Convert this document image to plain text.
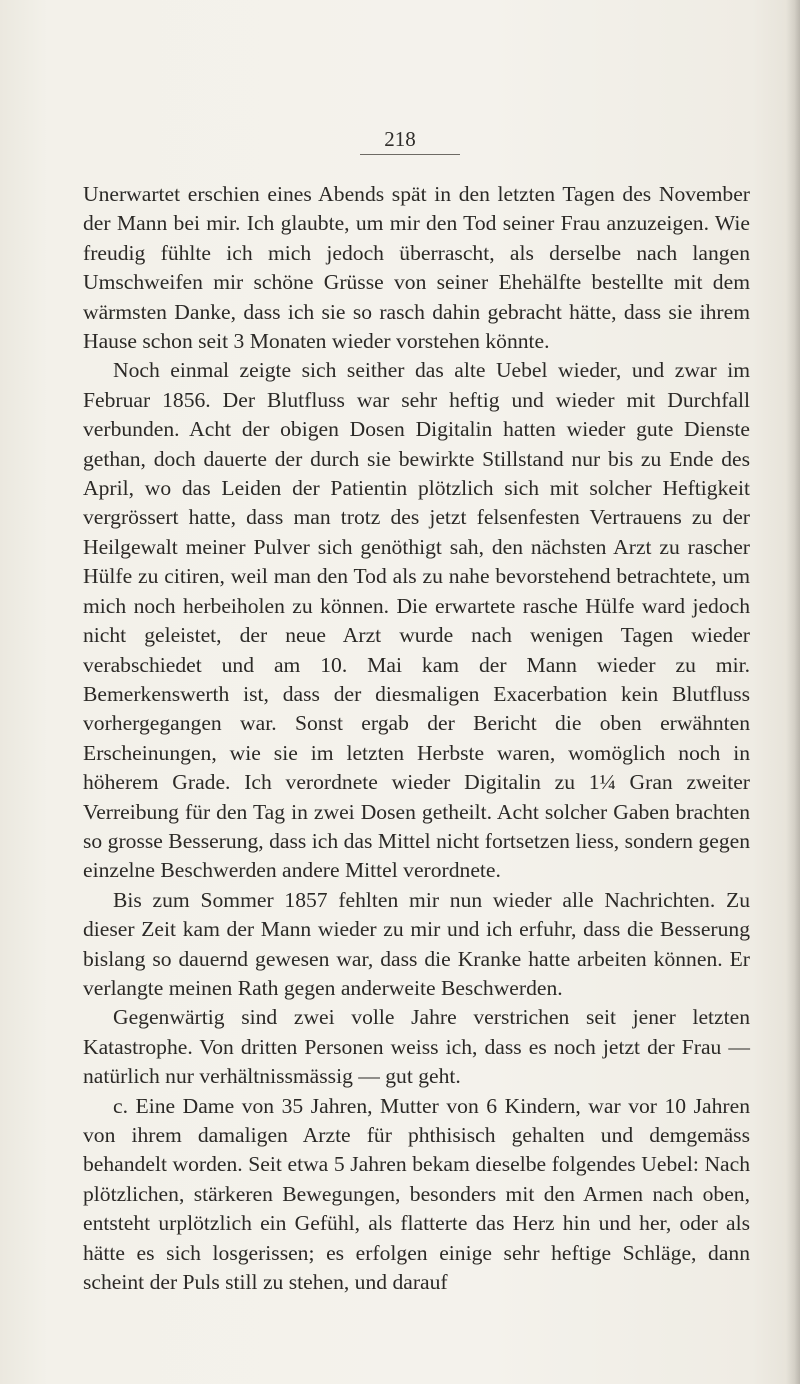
218

Unerwartet erschien eines Abends spät in den letzten Tagen des November der Mann bei mir. Ich glaubte, um mir den Tod seiner Frau anzuzeigen. Wie freudig fühlte ich mich jedoch überrascht, als derselbe nach langen Umschweifen mir schöne Grüsse von seiner Ehehälfte bestellte mit dem wärmsten Danke, dass ich sie so rasch dahin gebracht hätte, dass sie ihrem Hause schon seit 3 Monaten wieder vorstehen könnte.

Noch einmal zeigte sich seither das alte Uebel wieder, und zwar im Februar 1856. Der Blutfluss war sehr heftig und wieder mit Durchfall verbunden. Acht der obigen Dosen Digitalin hatten wieder gute Dienste gethan, doch dauerte der durch sie bewirkte Stillstand nur bis zu Ende des April, wo das Leiden der Patientin plötzlich sich mit solcher Heftigkeit vergrössert hatte, dass man trotz des jetzt felsenfesten Vertrauens zu der Heilgewalt meiner Pulver sich genöthigt sah, den nächsten Arzt zu rascher Hülfe zu citiren, weil man den Tod als zu nahe bevorstehend betrachtete, um mich noch herbeiholen zu können. Die erwartete rasche Hülfe ward jedoch nicht geleistet, der neue Arzt wurde nach wenigen Tagen wieder verabschiedet und am 10. Mai kam der Mann wieder zu mir. Bemerkenswerth ist, dass der diesmaligen Exacerbation kein Blutfluss vorhergegangen war. Sonst ergab der Bericht die oben erwähnten Erscheinungen, wie sie im letzten Herbste waren, womöglich noch in höherem Grade. Ich verordnete wieder Digitalin zu 1¼ Gran zweiter Verreibung für den Tag in zwei Dosen getheilt. Acht solcher Gaben brachten so grosse Besserung, dass ich das Mittel nicht fortsetzen liess, sondern gegen einzelne Beschwerden andere Mittel verordnete.

Bis zum Sommer 1857 fehlten mir nun wieder alle Nachrichten. Zu dieser Zeit kam der Mann wieder zu mir und ich erfuhr, dass die Besserung bislang so dauernd gewesen war, dass die Kranke hatte arbeiten können. Er verlangte meinen Rath gegen anderweite Beschwerden.

Gegenwärtig sind zwei volle Jahre verstrichen seit jener letzten Katastrophe. Von dritten Personen weiss ich, dass es noch jetzt der Frau — natürlich nur verhältnissmässig — gut geht.

c. Eine Dame von 35 Jahren, Mutter von 6 Kindern, war vor 10 Jahren von ihrem damaligen Arzte für phthisisch gehalten und demgemäss behandelt worden. Seit etwa 5 Jahren bekam dieselbe folgendes Uebel: Nach plötzlichen, stärkeren Bewegungen, besonders mit den Armen nach oben, entsteht urplötzlich ein Gefühl, als flatterte das Herz hin und her, oder als hätte es sich losgerissen; es erfolgen einige sehr heftige Schläge, dann scheint der Puls still zu stehen, und darauf
